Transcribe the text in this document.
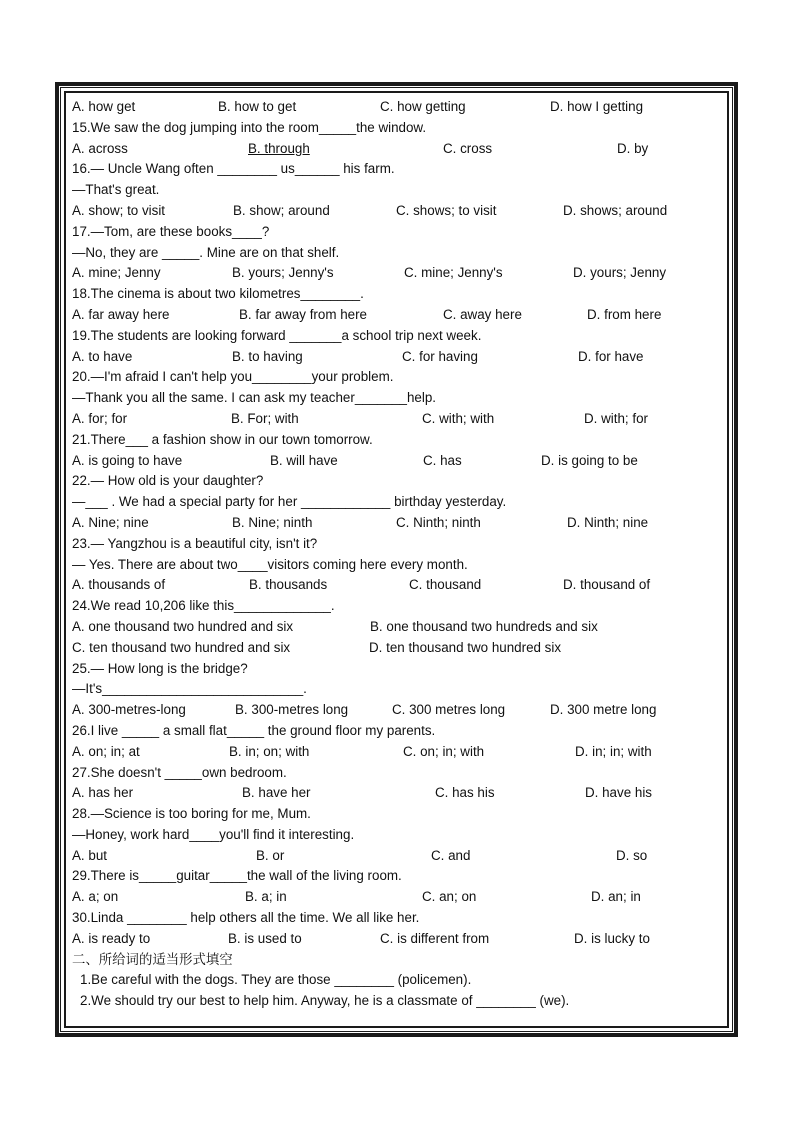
A. how get	B. how to get	C. how getting	D. how I getting
15.We saw the dog jumping into the room_____the window.
A. across	B. through	C. cross	D. by
16.— Uncle Wang often ________ us______ his farm.
—That's great.
A. show; to visit	B. show; around	C. shows; to visit	D. shows; around
17.—Tom, are these books____?
—No, they are _____. Mine are on that shelf.
A. mine; Jenny	B. yours; Jenny's	C. mine; Jenny's	D. yours; Jenny
18.The cinema is about two kilometres________.
A. far away here	B. far away from here	C. away here	D. from here
19.The students are looking forward _______a school trip next week.
A. to have	B. to having	C. for having	D. for have
20.—I'm afraid I can't help you________your problem.
—Thank you all the same. I can ask my teacher_______help.
A. for; for	B. For; with	C. with; with	D. with; for
21.There___ a fashion show in our town tomorrow.
A. is going to have	B. will have	C. has	D. is going to be
22.— How old is your daughter?
—___ . We had a special party for her ____________ birthday yesterday.
A. Nine; nine	B. Nine; ninth	C. Ninth; ninth	D. Ninth; nine
23.— Yangzhou is a beautiful city, isn't it?
— Yes. There are about two____visitors coming here every month.
A. thousands of	B. thousands	C. thousand	D. thousand of
24.We read 10,206 like this_____________.
A. one thousand two hundred and six	B. one thousand two hundreds and six
C. ten thousand two hundred and six	D. ten thousand two hundred six
25.— How long is the bridge?
—It's___________________________.
A. 300-metres-long	B. 300-metres long	C. 300 metres long	D. 300 metre long
26.I live _____ a small flat_____ the ground floor my parents.
A. on; in; at	B. in; on; with	C. on; in; with	D. in; in; with
27.She doesn't _____own bedroom.
A. has her	B. have her	C. has his	D. have his
28.—Science is too boring for me, Mum.
—Honey, work hard____you'll find it interesting.
A. but	B. or	C. and	D. so
29.There is_____guitar_____the wall of the living room.
A. a; on	B. a; in	C. an; on	D. an; in
30.Linda ________ help others all the time. We all like her.
A. is ready to	B. is used to	C. is different from	D. is lucky to
二、所给词的适当形式填空
1.Be careful with the dogs. They are those ________ (policemen).
2.We should try our best to help him. Anyway, he is a classmate of ________ (we).
